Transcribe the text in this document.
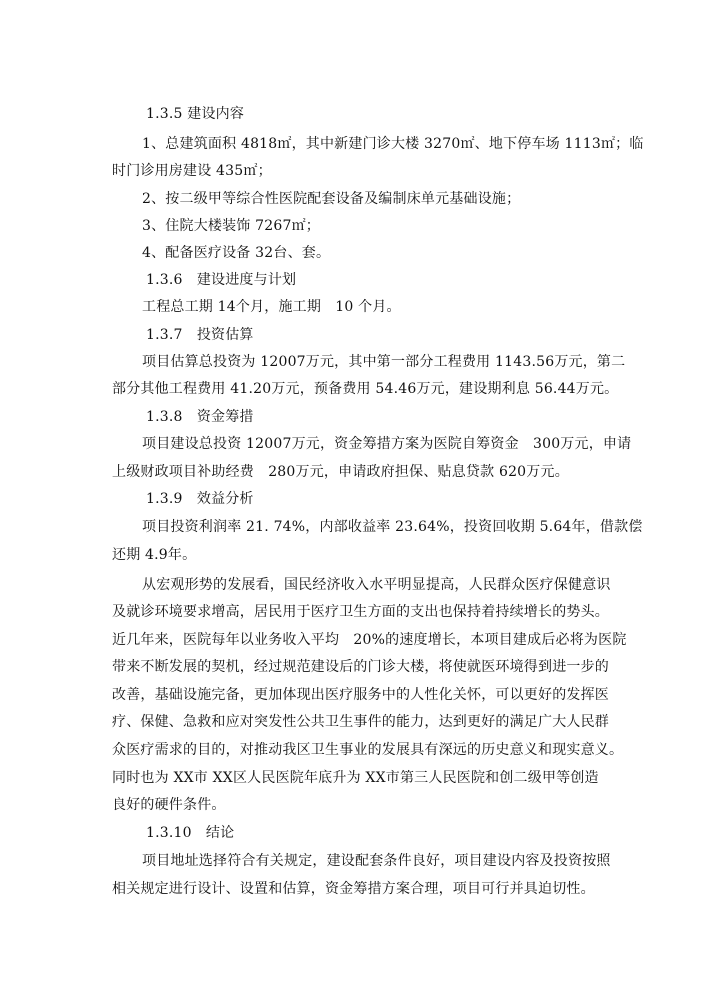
1.3.5 建设内容
1、总建筑面积 4818㎡，其中新建门诊大楼 3270㎡、地下停车场 1113㎡；临
时门诊用房建设 435㎡；
2、按二级甲等综合性医院配套设备及编制床单元基础设施；
3、住院大楼装饰 7267㎡；
4、配备医疗设备 32台、套。
1.3.6　建设进度与计划
工程总工期 14个月，施工期　10 个月。
1.3.7　投资估算
项目估算总投资为 12007万元，其中第一部分工程费用 1143.56万元，第二
部分其他工程费用 41.20万元，预备费用 54.46万元，建设期利息 56.44万元。
1.3.8　资金筹措
项目建设总投资 12007万元，资金筹措方案为医院自筹资金　300万元，申请
上级财政项目补助经费　280万元，申请政府担保、贴息贷款 620万元。
1.3.9　效益分析
项目投资利润率 21. 74%，内部收益率 23.64%，投资回收期 5.64年，借款偿
还期 4.9年。
从宏观形势的发展看，国民经济收入水平明显提高，人民群众医疗保健意识
及就诊环境要求增高，居民用于医疗卫生方面的支出也保持着持续增长的势头。
近几年来，医院每年以业务收入平均　20%的速度增长，本项目建成后必将为医院
带来不断发展的契机，经过规范建设后的门诊大楼，将使就医环境得到进一步的
改善，基础设施完备，更加体现出医疗服务中的人性化关怀，可以更好的发挥医
疗、保健、急救和应对突发性公共卫生事件的能力，达到更好的满足广大人民群
众医疗需求的目的，对推动我区卫生事业的发展具有深远的历史意义和现实意义。
同时也为 XX市 XX区人民医院年底升为 XX市第三人民医院和创二级甲等创造
良好的硬件条件。
1.3.10　结论
项目地址选择符合有关规定，建设配套条件良好，项目建设内容及投资按照
相关规定进行设计、设置和估算，资金筹措方案合理，项目可行并具迫切性。
